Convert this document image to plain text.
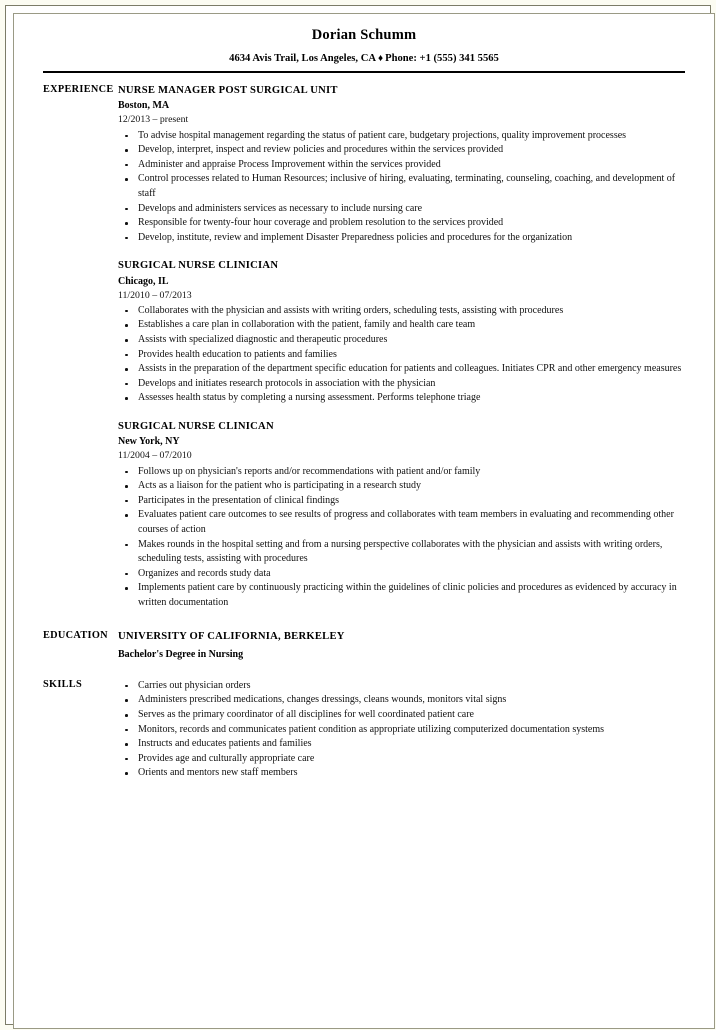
Dorian Schumm
4634 Avis Trail, Los Angeles, CA ♦ Phone: +1 (555) 341 5565
EXPERIENCE NURSE MANAGER POST SURGICAL UNIT
Boston, MA
12/2013 – present
To advise hospital management regarding the status of patient care, budgetary projections, quality improvement processes
Develop, interpret, inspect and review policies and procedures within the services provided
Administer and appraise Process Improvement within the services provided
Control processes related to Human Resources; inclusive of hiring, evaluating, terminating, counseling, coaching, and development of staff
Develops and administers services as necessary to include nursing care
Responsible for twenty-four hour coverage and problem resolution to the services provided
Develop, institute, review and implement Disaster Preparedness policies and procedures for the organization
SURGICAL NURSE CLINICIAN
Chicago, IL
11/2010 – 07/2013
Collaborates with the physician and assists with writing orders, scheduling tests, assisting with procedures
Establishes a care plan in collaboration with the patient, family and health care team
Assists with specialized diagnostic and therapeutic procedures
Provides health education to patients and families
Assists in the preparation of the department specific education for patients and colleagues. Initiates CPR and other emergency measures
Develops and initiates research protocols in association with the physician
Assesses health status by completing a nursing assessment. Performs telephone triage
SURGICAL NURSE CLINICAN
New York, NY
11/2004 – 07/2010
Follows up on physician's reports and/or recommendations with patient and/or family
Acts as a liaison for the patient who is participating in a research study
Participates in the presentation of clinical findings
Evaluates patient care outcomes to see results of progress and collaborates with team members in evaluating and recommending other courses of action
Makes rounds in the hospital setting and from a nursing perspective collaborates with the physician and assists with writing orders, scheduling tests, assisting with procedures
Organizes and records study data
Implements patient care by continuously practicing within the guidelines of clinic policies and procedures as evidenced by accuracy in written documentation
EDUCATION UNIVERSITY OF CALIFORNIA, BERKELEY
Bachelor's Degree in Nursing
SKILLS	Carries out physician orders
Administers prescribed medications, changes dressings, cleans wounds, monitors vital signs
Serves as the primary coordinator of all disciplines for well coordinated patient care
Monitors, records and communicates patient condition as appropriate utilizing computerized documentation systems
Instructs and educates patients and families
Provides age and culturally appropriate care
Orients and mentors new staff members
